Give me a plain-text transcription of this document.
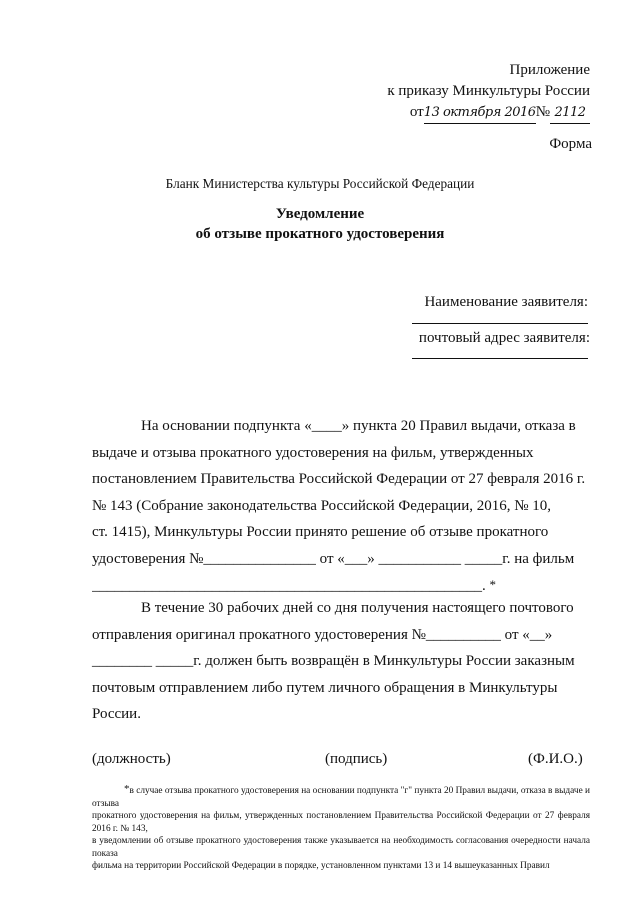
Приложение
к приказу Минкультуры России
от13 октября 2016№ 2112
Форма
Бланк Министерства культуры Российской Федерации
Уведомление
об отзыве прокатного удостоверения
Наименование заявителя:
почтовый адрес заявителя:
На основании подпункта «____» пункта 20 Правил выдачи, отказа в
выдаче и отзыва прокатного удостоверения на фильм, утвержденных
постановлением Правительства Российской Федерации от 27 февраля 2016 г.
№ 143 (Собрание законодательства Российской Федерации, 2016, № 10,
ст. 1415), Минкультуры России принято решение об отзыве прокатного
удостоверения №_______________ от «___» ___________ _____г. на фильм
____________________________________________________. *
В течение 30 рабочих дней со дня получения настоящего почтового
отправления оригинал прокатного удостоверения №__________ от «__»
________ _____г. должен быть возвращён в Минкультуры России заказным
почтовым отправлением либо путем личного обращения в Минкультуры
России.
(должность)	(подпись)	(Ф.И.О.)
*в случае отзыва прокатного удостоверения на основании подпункта "г" пункта 20 Правил выдачи, отказа в выдаче и отзыва
прокатного удостоверения на фильм, утвержденных постановлением Правительства Российской Федерации от 27 февраля 2016 г. № 143,
в уведомлении об отзыве прокатного удостоверения также указывается на необходимость согласования очередности начала показа
фильма на территории Российской Федерации в порядке, установленном пунктами 13 и 14 вышеуказанных Правил
